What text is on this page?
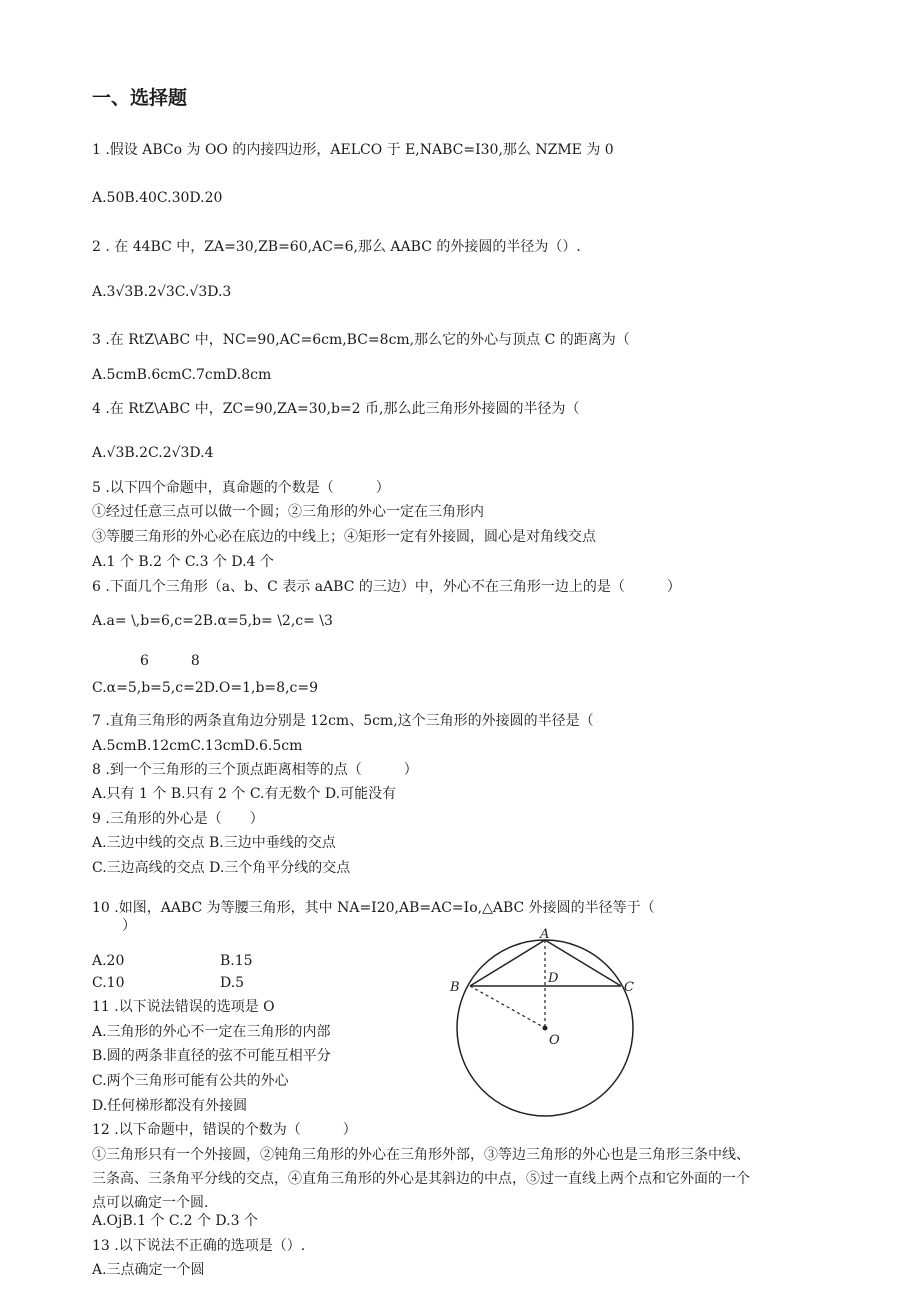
一、选择题
1 .假设 ABCo 为 OO 的内接四边形，AELCO 于 E,NABC=I30,那么 NZME 为 0
A.50B.40C.30D.20
2 . 在 44BC 中，ZA=30,ZB=60,AC=6,那么 AABC 的外接圆的半径为（）.
A.3√3B.2√3C.√3D.3
3 .在 RtZ\ABC 中，NC=90,AC=6cm,BC=8cm,那么它的外心与顶点 C 的距离为（
A.5cmB.6cmC.7cmD.8cm
4 .在 RtZ\ABC 中，ZC=90,ZA=30,b=2 币,那么此三角形外接圆的半径为（
A.√3B.2C.2√3D.4
5 .以下四个命题中，真命题的个数是（　　　）
①经过任意三点可以做一个圆；②三角形的外心一定在三角形内
③等腰三角形的外心必在底边的中线上；④矩形一定有外接圆，圆心是对角线交点
A.1 个 B.2 个 C.3 个 D.4 个
6 .下面几个三角形（a、b、C 表示 aABC 的三边）中，外心不在三角形一边上的是（　　　）
A.a= \,b=6,c=2B.α=5,b= \2,c= \3
6　　　8
C.α=5,b=5,c=2D.O=1,b=8,c=9
7 .直角三角形的两条直角边分别是 12cm、5cm,这个三角形的外接圆的半径是（
A.5cmB.12cmC.13cmD.6.5cm
8 .到一个三角形的三个顶点距离相等的点（　　　）
A.只有 1 个 B.只有 2 个 C.有无数个 D.可能没有
9 .三角形的外心是（　　）
A.三边中线的交点 B.三边中垂线的交点
C.三边高线的交点 D.三个角平分线的交点
10 .如图，AABC 为等腰三角形，其中 NA=I20,AB=AC=Io,△ABC 外接圆的半径等于（
）
A.20	B.15
C.10	D.5
11 .以下说法错误的选项是 O
A.三角形的外心不一定在三角形的内部
B.圆的两条非直径的弦不可能互相平分
C.两个三角形可能有公共的外心
D.任何梯形都没有外接圆
12 .以下命题中，错误的个数为（　　　）
①三角形只有一个外接圆，②钝角三角形的外心在三角形外部，③等边三角形的外心也是三角形三条中线、
三条高、三条角平分线的交点，④直角三角形的外心是其斜边的中点，⑤过一直线上两个点和它外面的一个
点可以确定一个圆.
A.OjB.1 个 C.2 个 D.3 个
13 .以下说法不正确的选项是（）.
A.三点确定一个圆
A
B	C
D
O
